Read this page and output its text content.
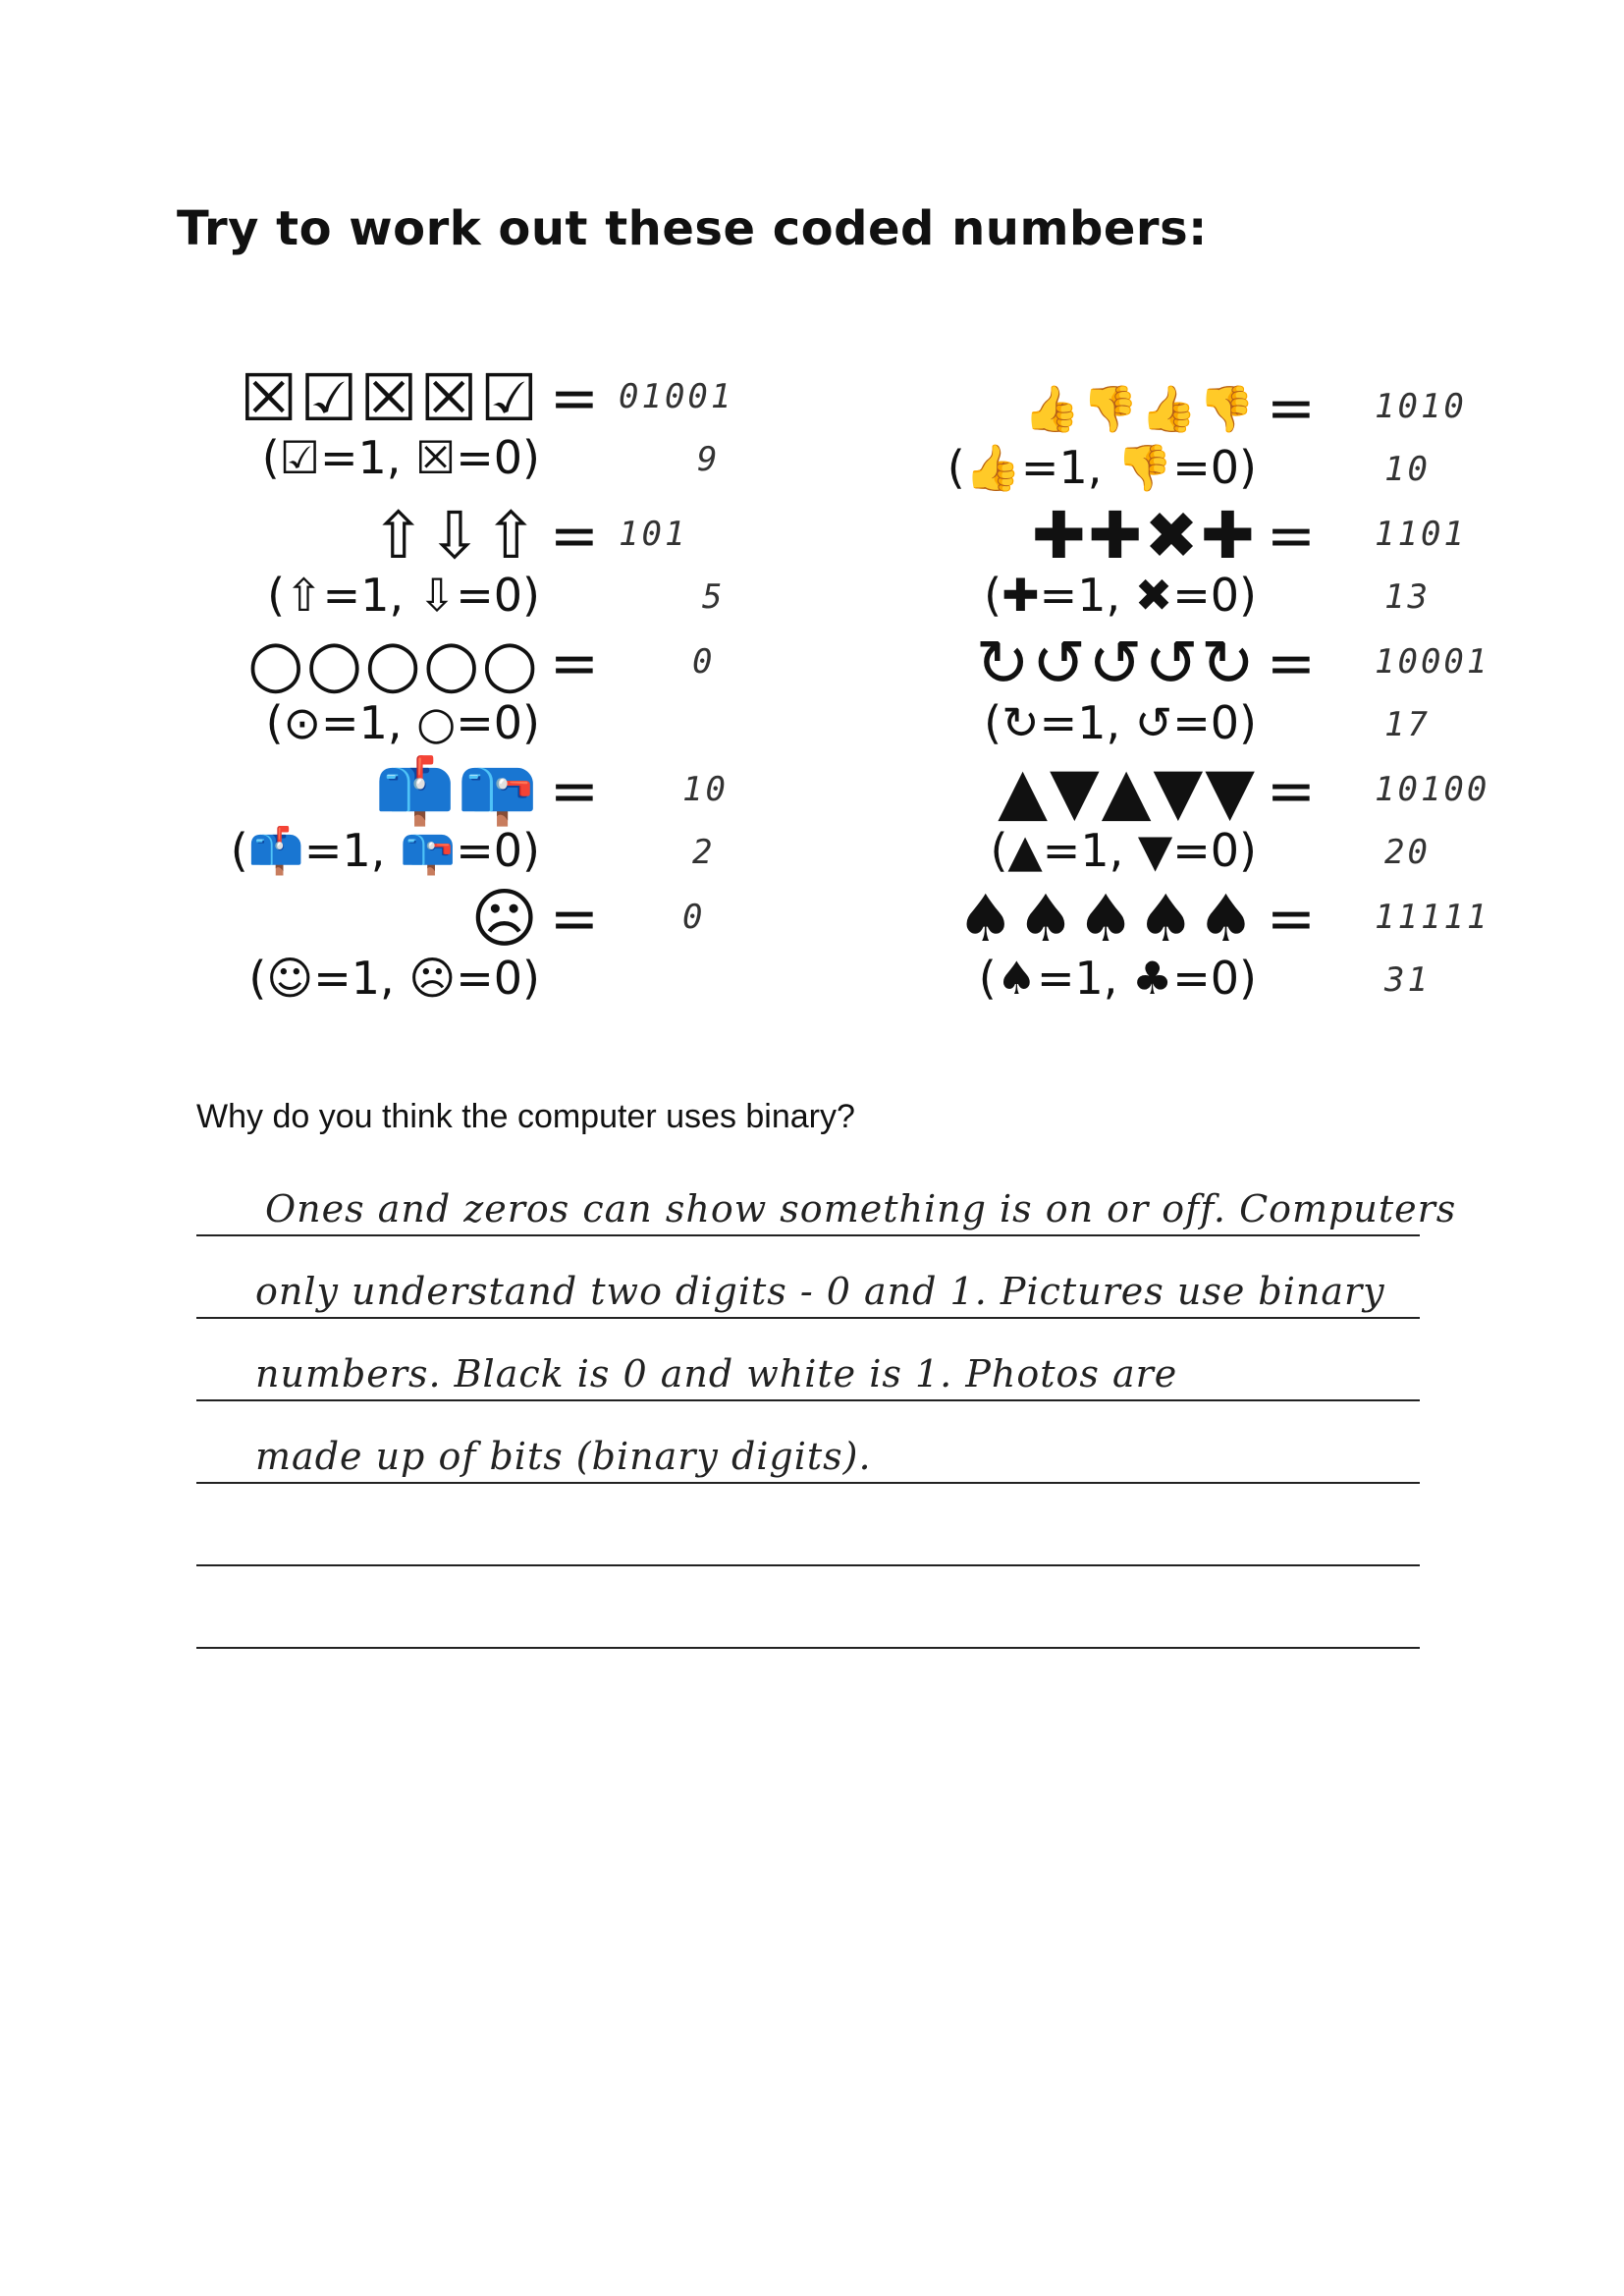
Try to work out these coded numbers:
☒☑☒☒☑ =
(☑=1, ☒=0)
01001
9
⇧⇩⇧ =
(⇧=1, ⇩=0)
101
5
○○○○○ =
(⊙=1, ○=0)
0
📫📪 =
(📫=1, 📪=0)
10
2
☹ =
(☺=1, ☹=0)
0
👍👎👍👎 =
(👍=1, 👎=0)
1010
10
✚✚✖✚ =
(✚=1, ✖=0)
1101
13
↻↺↺↺↻ =
(↻=1, ↺=0)
10001
17
▲▼▲▼▼ =
(▲=1, ▼=0)
10100
20
♠♠♠♠♠ =
(♠=1, ♣=0)
11111
31
Why do you think the computer uses binary?
Ones and zeros can show something is on or off. Computers
only understand two digits - 0 and 1. Pictures use binary
numbers. Black is 0 and white is 1. Photos are
made up of bits (binary digits).
